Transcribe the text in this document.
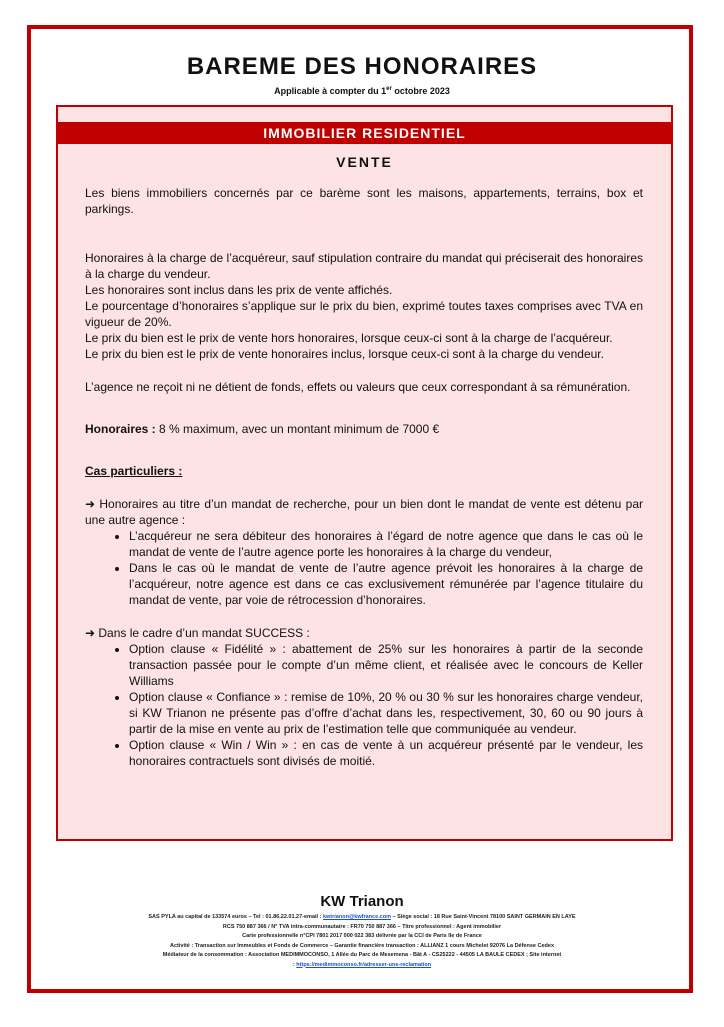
BAREME DES HONORAIRES
Applicable à compter du 1er octobre 2023
IMMOBILIER RESIDENTIEL
VENTE

Les biens immobiliers concernés par ce barème sont les maisons, appartements, terrains, box et parkings.

Honoraires à la charge de l’acquéreur, sauf stipulation contraire du mandat qui préciserait des honoraires à la charge du vendeur.

Les honoraires sont inclus dans les prix de vente affichés.

Le pourcentage d’honoraires s’applique sur le prix du bien, exprimé toutes taxes comprises avec TVA en vigueur de 20%.

Le prix du bien est le prix de vente hors honoraires, lorsque ceux-ci sont à la charge de l’acquéreur.

Le prix du bien est le prix de vente honoraires inclus, lorsque ceux-ci sont à la charge du vendeur.

L’agence ne reçoit ni ne détient de fonds, effets ou valeurs que ceux correspondant à sa rémunération.

Honoraires : 8 % maximum, avec un montant minimum de 7000 €

Cas particuliers :

➜ Honoraires au titre d’un mandat de recherche, pour un bien dont le mandat de vente est détenu par une autre agence :

• L’acquéreur ne sera débiteur des honoraires à l’égard de notre agence que dans le cas où le mandat de vente de l’autre agence porte les honoraires à la charge du vendeur,
• Dans le cas où le mandat de vente de l’autre agence prévoit les honoraires à la charge de l’acquéreur, notre agence est dans ce cas exclusivement rémunérée par l’agence titulaire du mandat de vente, par voie de rétrocession d’honoraires.

➜ Dans le cadre d’un mandat SUCCESS :

• Option clause « Fidélité » : abattement de 25% sur les honoraires à partir de la seconde transaction passée pour le compte d’un même client, et réalisée avec le concours de Keller Williams
• Option clause « Confiance » : remise de 10%, 20 % ou 30 % sur les honoraires charge vendeur, si KW Trianon ne présente pas d’offre d’achat dans les, respectivement, 30, 60 ou 90 jours à partir de la mise en vente au prix de l’estimation telle que communiquée au vendeur.
• Option clause « Win / Win » : en cas de vente à un acquéreur présenté par le vendeur, les honoraires contractuels sont divisés de moitié.
KW Trianon
SAS PYLA au capital de 133574 euros – Tel : 01.86.22.01.27-email : kwtrianon@kwfrance.com – Siège social : 18 Rue Saint-Vincent 78100 SAINT GERMAIN EN LAYE
RCS 750 887 366 / N° TVA intra-communautaire : FR70 750 887 366 – Titre professionnel : Agent immobilier
Carte professionnelle n°CPI 7801 2017 000 022 383 délivrée par la CCI de Paris Ile de France
Activité : Transaction sur Immeubles et Fonds de Commerce – Garantie financière transaction : ALLIANZ 1 cours Michelet 92076 La Défense Cedex
Médiateur de la consommation : Association MEDIMMOCONSO, 1 Allée du Parc de Mesemena - Bât A - CS25222 - 44505 LA BAULE CEDEX ; Site internet
: https://medimmoconso.fr/adresser-une-reclamation
